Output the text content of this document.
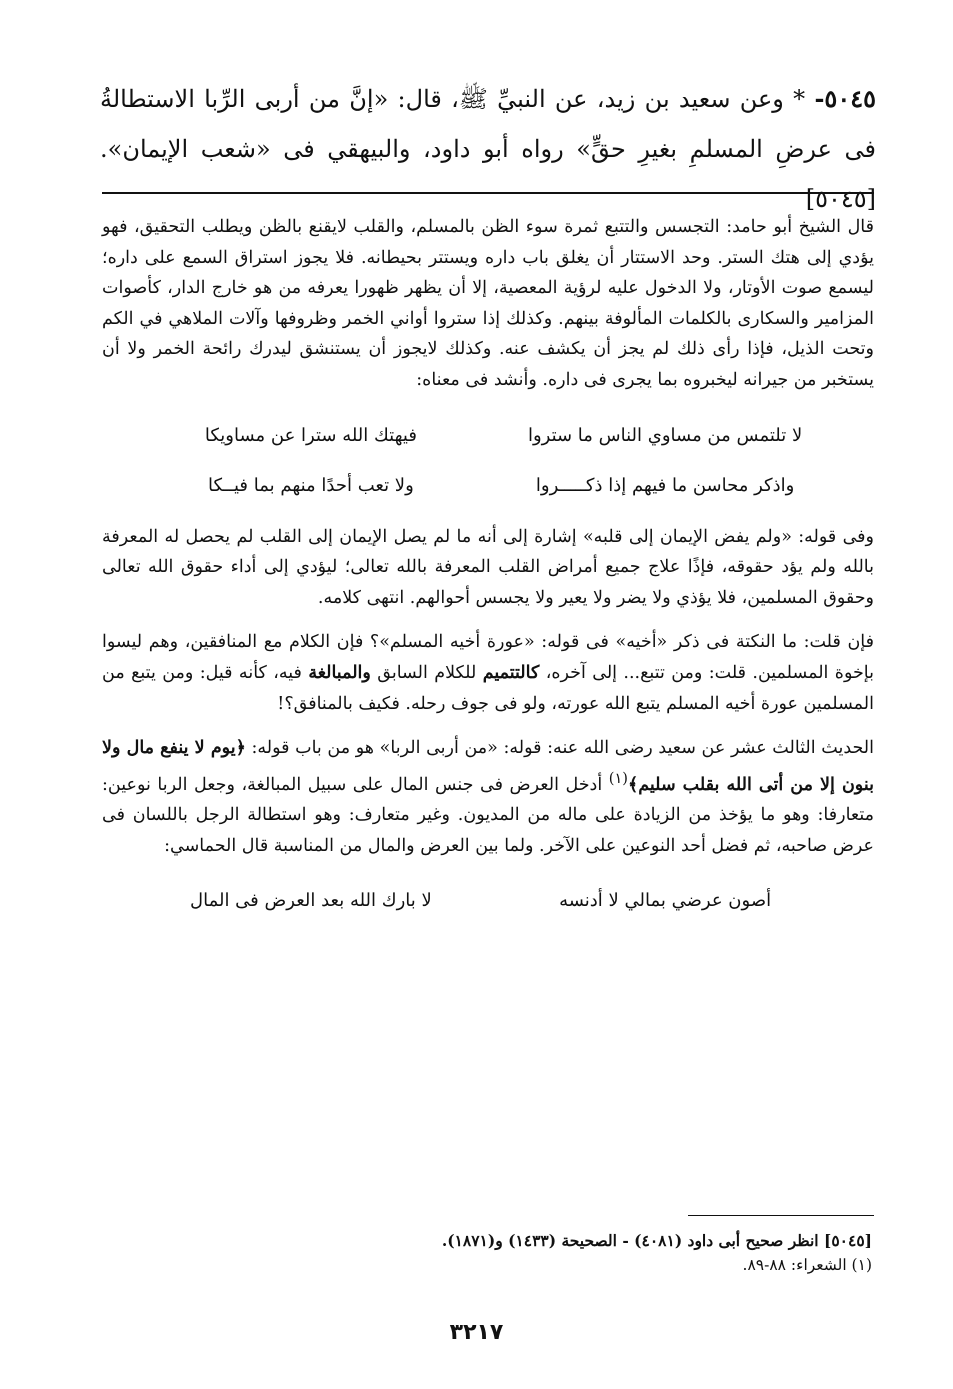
٥٠٤٥- * وعن سعيد بن زيد، عن النبيِّ ﷺ، قال: «إنَّ من أربى الرِّبا الاستطالةُ فى عرضِ المسلمِ بغيرِ حقٍّ» رواه أبو داود، والبيهقي فى «شعب الإيمان». [٥٠٤٥]

قال الشيخ أبو حامد: التجسس والتتبع ثمرة سوء الظن بالمسلم، والقلب لايقنع بالظن ويطلب التحقيق، فهو يؤدي إلى هتك الستر. وحد الاستتار أن يغلق باب داره ويستتر بحيطانه. فلا يجوز استراق السمع على داره؛ ليسمع صوت الأوتار، ولا الدخول عليه لرؤية المعصية، إلا أن يظهر ظهورا يعرفه من هو خارج الدار، كأصوات المزامير والسكارى بالكلمات المألوفة بينهم. وكذلك إذا ستروا أواني الخمر وظروفها وآلات الملاهي في الكم وتحت الذيل، فإذا رأى ذلك لم يجز أن يكشف عنه. وكذلك لايجوز أن يستنشق ليدرك رائحة الخمر ولا أن يستخبر من جيرانه ليخبروه بما يجرى فى داره. وأنشد فى معناه:

لا تلتمس من مساوي الناس ما ستروا
فيهتك الله سترا عن مساويكا
واذكر محاسن ما فيهم إذا ذكـــــروا
ولا تعب أحدًا منهم بما فيــكا

وفى قوله: «ولم يفض الإيمان إلى قلبه» إشارة إلى أنه ما لم يصل الإيمان إلى القلب لم يحصل له المعرفة بالله ولم يؤد حقوقه، فإذًا علاج جميع أمراض القلب المعرفة بالله تعالى؛ ليؤدي إلى أداء حقوق الله تعالى وحقوق المسلمين، فلا يؤذي ولا يضر ولا يعير ولا يجسس أحوالهم. انتهى كلامه.

فإن قلت: ما النكتة فى ذكر «أخيه» فى قوله: «عورة أخيه المسلم»؟ فإن الكلام مع المنافقين، وهم ليسوا بإخوة المسلمين. قلت: ومن تتبع... إلى آخره، كالتتميم للكلام السابق والمبالغة فيه، كأنه قيل: ومن يتبع من المسلمين عورة أخيه المسلم يتبع الله عورته، ولو فى جوف رحله. فكيف بالمنافق؟!

الحديث الثالث عشر عن سعيد رضى الله عنه: قوله: «من أربى الربا» هو من باب قوله: ﴿يوم لا ينفع مال ولا بنون إلا من أتى الله بقلب سليم﴾$^{(١)}$ أدخل العرض فى جنس المال على سبيل المبالغة، وجعل الربا نوعين: متعارفا: وهو ما يؤخذ من الزيادة على ماله من المديون. وغير متعارف: وهو استطالة الرجل باللسان فى عرض صاحبه، ثم فضل أحد النوعين على الآخر. ولما بين العرض والمال من المناسبة قال الحماسي:

أصون عرضي بمالي لا أدنسه
لا بارك الله بعد العرض فى المال
[٥٠٤٥] انظر صحيح أبى داود (٤٠٨١) - الصحيحة (١٤٣٣) و(١٨٧١).
(١) الشعراء: ٨٨-٨٩.
٣٢١٧
